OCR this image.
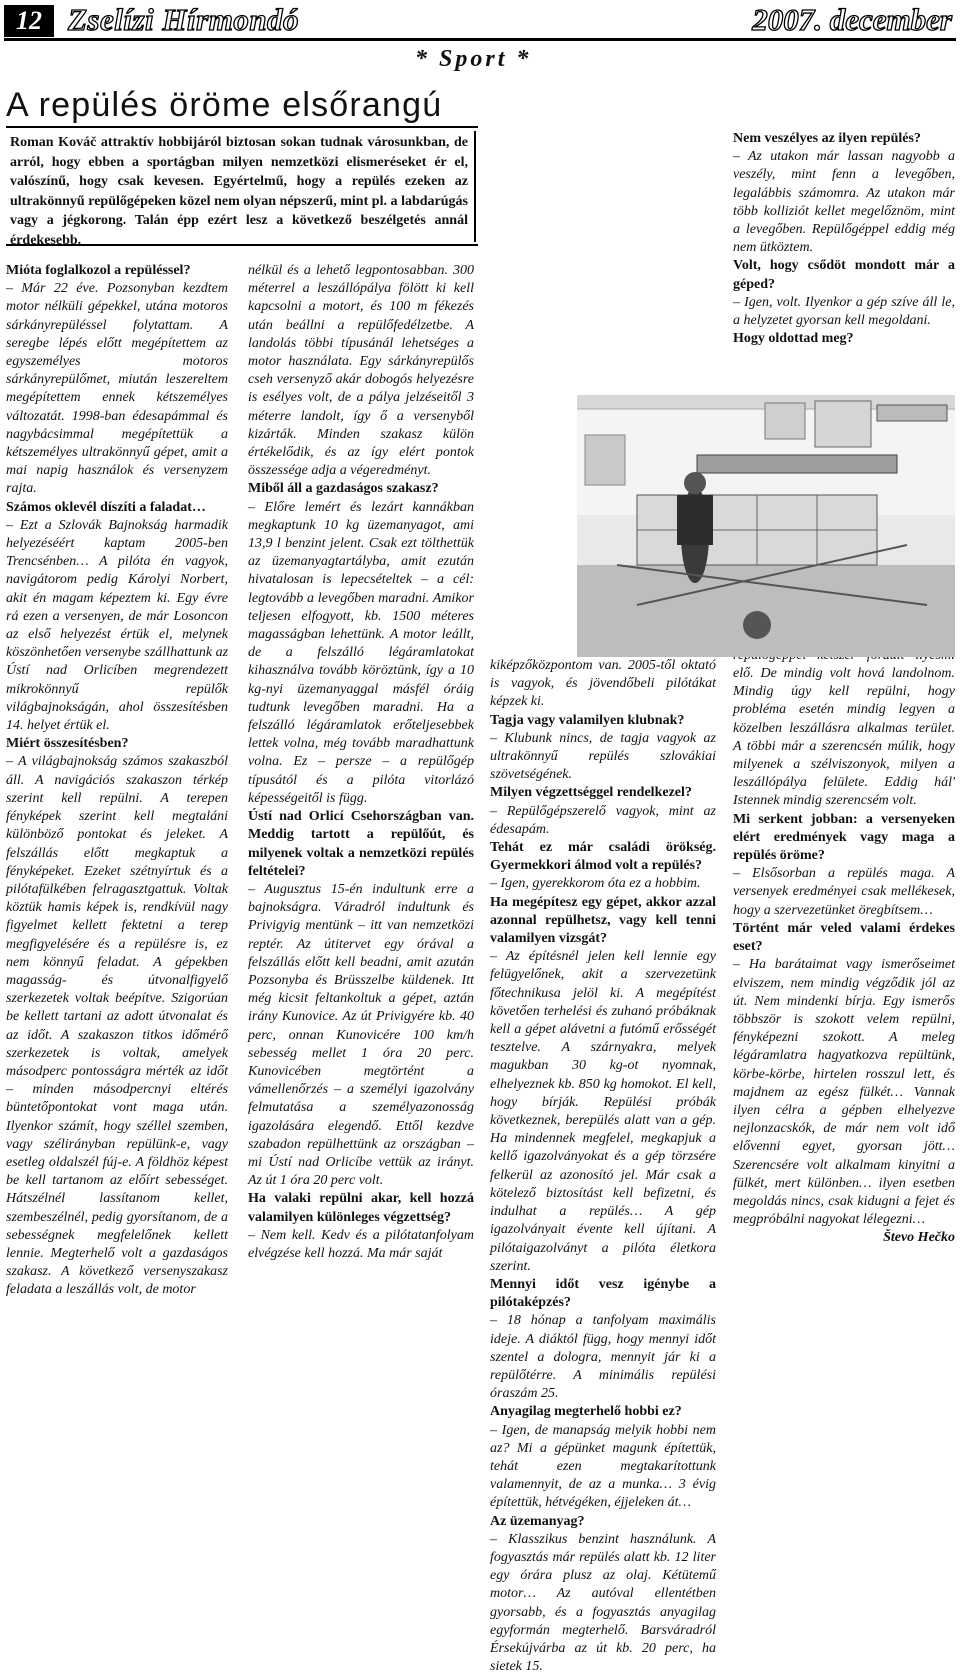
12 Zselízi Hírmondó	2007. december
* Sport *
A repülés öröme elsőrangú

Roman Kováč attraktív hobbijáról biztosan sokan tudnak városunkban, de arról, hogy ebben a sportágban milyen nemzetközi elismeréseket ér el, valószínű, hogy csak kevesen. Egyértelmű, hogy a repülés ezeken az ultrakönnyű repülőgépeken közel nem olyan népszerű, mint pl. a labdarúgás vagy a jégkorong. Talán épp ezért lesz a következő beszélgetés annál érdekesebb.

Mióta foglalkozol a repüléssel?

– Már 22 éve. Pozsonyban kezdtem motor nélküli gépekkel, utána motoros sárkányrepüléssel folytattam. A seregbe lépés előtt megépítettem az egyszemélyes motoros sárkányrepülőmet, miután leszereltem megépítettem ennek kétszemélyes változatát. 1998-ban édesapámmal és nagybácsimmal megépítettük a kétszemélyes ultrakönnyű gépet, amit a mai napig használok és versenyzem rajta.

Számos oklevél díszíti a faladat…

– Ezt a Szlovák Bajnokság harmadik helyezéséért kaptam 2005-ben Trencsénben… A pilóta én vagyok, navigátorom pedig Károlyi Norbert, akit én magam képeztem ki. Egy évre rá ezen a versenyen, de már Losoncon az első helyezést értük el, melynek köszönhetően versenybe szállhattunk az Ústí nad Orlicíben megrendezett mikrokönnyű repülők világbajnokságán, ahol összesítésben 14. helyet értük el.

Miért összesítésben?

– A világbajnokság számos szakaszból áll. A navigációs szakaszon térkép szerint kell repülni. A terepen fényképek szerint kell megtaláni különböző pontokat és jeleket. A felszállás előtt megkaptuk a fényképeket. Ezeket szétnyírtuk és a pilótafülkében felragasztgattuk. Voltak köztük hamis képek is, rendkívül nagy figyelmet kellett fektetni a terep megfigyelésére és a repülésre is, ez nem könnyű feladat. A gépekben magasság- és útvonalfigyelő szerkezetek voltak beépítve. Szigorúan be kellett tartani az adott útvonalat és az időt. A szakaszon titkos időmérő szerkezetek is voltak, amelyek másodperc pontosságra mérték az időt – minden másodpercnyi eltérés büntetőpontokat vont maga után. Ilyenkor számít, hogy széllel szemben, vagy szélirányban repülünk-e, vagy esetleg oldalszél fúj-e. A földhöz képest be kell tartanom az előírt sebességet. Hátszélnél lassítanom kellet, szembeszélnél, pedig gyorsítanom, de a sebességnek megfelelőnek kellett lennie. Megterhelő volt a gazdaságos szakasz. A következő versenyszakasz feladata a leszállás volt, de motor

nélkül és a lehető legpontosabban. 300 méterrel a leszállópálya fölött ki kell kapcsolni a motort, és 100 m fékezés után beállni a repülőfedélzetbe. A landolás többi típusánál lehetséges a motor használata. Egy sárkányrepülős cseh versenyző akár dobogós helyezésre is esélyes volt, de a pálya jelzéseitől 3 méterre landolt, így ő a versenyből kizárták. Minden szakasz külön értékelődik, és az így elért pontok összessége adja a végeredményt.

Miből áll a gazdaságos szakasz?

– Előre lemért és lezárt kannákban megkaptunk 10 kg üzemanyagot, ami 13,9 l benzint jelent. Csak ezt tölthettük az üzemanyagtartályba, amit ezután hivatalosan is lepecsételtek – a cél: legtovább a levegőben maradni. Amikor teljesen elfogyott, kb. 1500 méteres magasságban lehettünk. A motor leállt, de a felszálló légáramlatokat kihasználva tovább köröztünk, így a 10 kg-nyi üzemanyaggal másfél óráig tudtunk levegőben maradni. Ha a felszálló légáramlatok erőteljesebbek lettek volna, még tovább maradhattunk volna. Ez – persze – a repülőgép típusától és a pilóta vitorlázó képességeitől is függ.

Ústí nad Orlicí Csehországban van. Meddig tartott a repülőút, és milyenek voltak a nemzetközi repülés feltételei?

– Augusztus 15-én indultunk erre a bajnokságra. Váradról indultunk és Privigyig mentünk – itt van nemzetközi reptér. Az útitervet egy órával a felszállás előtt kell beadni, amit azután Pozsonyba és Brüsszelbe küldenek. Itt még kicsit feltankoltuk a gépet, aztán irány Kunovice. Az út Privigyére kb. 40 perc, onnan Kunovicére 100 km/h sebesség mellet 1 óra 20 perc. Kunovicében megtörtént a vámellenőrzés – a személyi igazolvány felmutatása a személyazonosság igazolására elegendő. Ettől kezdve szabadon repülhettünk az országban – mi Ústí nad Orlicíbe vettük az irányt. Az út 1 óra 20 perc volt.

Ha valaki repülni akar, kell hozzá valamilyen különleges végzettség?

– Nem kell. Kedv és a pilótatanfolyam elvégzése kell hozzá. Ma már saját

kiképzőközpontom van. 2005-től oktató is vagyok, és jövendőbeli pilótákat képzek ki.

Tagja vagy valamilyen klubnak?

– Klubunk nincs, de tagja vagyok az ultrakönnyű repülés szlovákiai szövetségének.

Milyen végzettséggel rendelkezel?

– Repülőgépszerelő vagyok, mint az édesapám.

Tehát ez már családi örökség. Gyermekkori álmod volt a repülés?

– Igen, gyerekkorom óta ez a hobbim.

Ha megépítesz egy gépet, akkor azzal azonnal repülhetsz, vagy kell tenni valamilyen vizsgát?

– Az építésnél jelen kell lennie egy felügyelőnek, akit a szervezetünk főtechnikusa jelöl ki. A megépítést követően terhelési és zuhanó próbáknak kell a gépet alávetni a futómű erősségét tesztelve. A szárnyakra, melyek magukban 30 kg-ot nyomnak, elhelyeznek kb. 850 kg homokot. El kell, hogy bírják. Repülési próbák következnek, berepülés alatt van a gép. Ha mindennek megfelel, megkapjuk a kellő igazolványokat és a gép törzsére felkerül az azonosító jel. Már csak a kötelező biztosítást kell befizetni, és indulhat a repülés… A gép igazolványait évente kell újítani. A pilótaigazolványt a pilóta életkora szerint.

Mennyi időt vesz igénybe a pilótaképzés?

– 18 hónap a tanfolyam maximális ideje. A diáktól függ, hogy mennyi időt szentel a dologra, mennyit jár ki a repülőtérre. A minimális repülési óraszám 25.

Anyagilag megterhelő hobbi ez?

– Igen, de manapság melyik hobbi nem az? Mi a gépünket magunk építettük, tehát ezen megtakarítottunk valamennyit, de az a munka… 3 évig építettük, hétvégéken, éjjeleken át…

Az üzemanyag?

– Klasszikus benzint használunk. A fogyasztás már repülés alatt kb. 12 liter egy órára plusz az olaj. Kétütemű motor… Az autóval ellentétben gyorsabb, és a fogyasztás anyagilag egyformán megterhelő. Barsváradról Érsekújvárba az út kb. 20 perc, ha sietek 15.

Nem veszélyes az ilyen repülés?

– Az utakon már lassan nagyobb a veszély, mint fenn a levegőben, legalábbis számomra. Az utakon már több kolliziót kellet megelőznöm, mint a levegőben. Repülőgéppel eddig még nem ütköztem.

Volt, hogy csődöt mondott már a géped?

– Igen, volt. Ilyenkor a gép szíve áll le, a helyzetet gyorsan kell megoldani.

Hogy oldottad meg?

elő. De mindig volt hová landolnom. Mindig úgy kell repülni, hogy probléma esetén mindig legyen a közelben leszállásra alkalmas terület. A többi már a szerencsén múlik, hogy milyenek a szélviszonyok, milyen a leszállópálya felülete. Eddig hál' Istennek mindig szerencsém volt.

Mi serkent jobban: a versenyeken elért eredmények vagy maga a repülés öröme?

– Elsősorban a repülés maga. A versenyek eredményei csak mellékesek, hogy a szervezetünket öregbítsem…

Történt már veled valami érdekes eset?

– Ha barátaimat vagy ismerőseimet elviszem, nem mindig végződik jól az út. Nem mindenki bírja. Egy ismerős többször is szokott velem repülni, fényképezni szokott. A meleg légáramlatra hagyatkozva repültünk, körbe-körbe, hirtelen rosszul lett, és majdnem az egész fülkét… Vannak ilyen célra a gépben elhelyezve nejlonzacskók, de már nem volt idő elővenni egyet, gyorsan jött… Szerencsére volt alkalmam kinyitni a fülkét, mert különben… ilyen esetben megoldás nincs, csak kidugni a fejet és megpróbálni nagyokat lélegezni…

Števo Hečko
